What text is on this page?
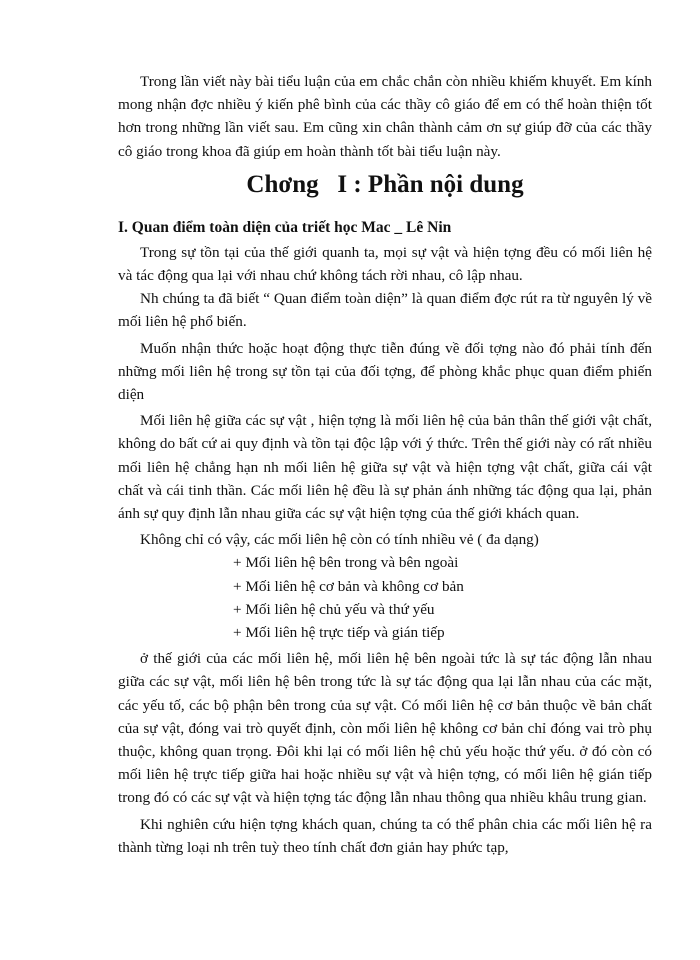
Trong lần viết này bài tiểu luận của em chắc chắn còn nhiều khiếm khuyết. Em kính mong nhận đợc nhiều ý kiến phê bình của các thầy cô giáo để em có thể hoàn thiện tốt hơn trong những lần viết sau. Em cũng xin chân thành cảm ơn sự giúp đỡ của các thầy cô giáo trong khoa đã giúp em hoàn thành tốt bài tiểu luận này.

Chơng   I : Phần nội dung
I. Quan điểm toàn diện của triết học Mac _ Lê Nin

Trong sự tồn tại của thế giới quanh ta, mọi sự vật và hiện tợng đều có mối liên hệ và tác động qua lại với nhau chứ không tách rời nhau, cô lập nhau.

Nh chúng ta đã biết “ Quan điểm toàn diện” là quan điểm đợc rút ra từ nguyên lý về mối liên hệ phổ biến.

Muốn nhận thức hoặc hoạt động thực tiễn đúng về đối tợng nào đó phải tính đến những mối liên hệ trong sự tồn tại của đối tợng, để phòng khắc phục quan điểm phiến diện

Mối liên hệ giữa các sự vật , hiện tợng là mối liên hệ của bản thân thế giới vật chất, không do bất cứ ai quy định và tồn tại độc lập với ý thức. Trên thế giới này có rất nhiều mối liên hệ chẳng hạn nh mối liên hệ giữa sự vật và hiện tợng vật chất, giữa cái vật chất và cái tinh thần. Các mối liên hệ đều là sự phản ánh những tác động qua lại, phản ánh sự quy định lẫn nhau giữa các sự vật hiện tợng của thế giới khách quan.

Không chỉ có vậy, các mối liên hệ còn có tính nhiều vẻ ( đa dạng)

+ Mối liên hệ bên trong và bên ngoài
+ Mối liên hệ cơ bản và không cơ bản
+ Mối liên hệ chủ yếu và thứ yếu
+ Mối liên hệ trực tiếp và gián tiếp

ở thế giới của các mối liên hệ, mối liên hệ bên ngoài tức là sự tác động lẫn nhau giữa các sự vật, mối liên hệ bên trong tức là sự tác động qua lại lẫn nhau của các mặt, các yếu tố, các bộ phận bên trong của sự vật. Có mối liên hệ cơ bản thuộc về bản chất của sự vật, đóng vai trò quyết định, còn mối liên hệ không cơ bản chỉ đóng vai trò phụ thuộc, không quan trọng. Đôi khi lại có mối liên hệ chủ yếu hoặc thứ yếu. ở đó còn có mối liên hệ trực tiếp giữa hai hoặc nhiều sự vật và hiện tợng, có mối liên hệ gián tiếp trong đó có các sự vật và hiện tợng tác động lẫn nhau thông qua nhiều khâu trung gian.

Khi nghiên cứu hiện tợng khách quan, chúng ta có thể phân chia các mối liên hệ ra thành từng loại nh trên tuỳ theo tính chất đơn giản hay phức tạp,
